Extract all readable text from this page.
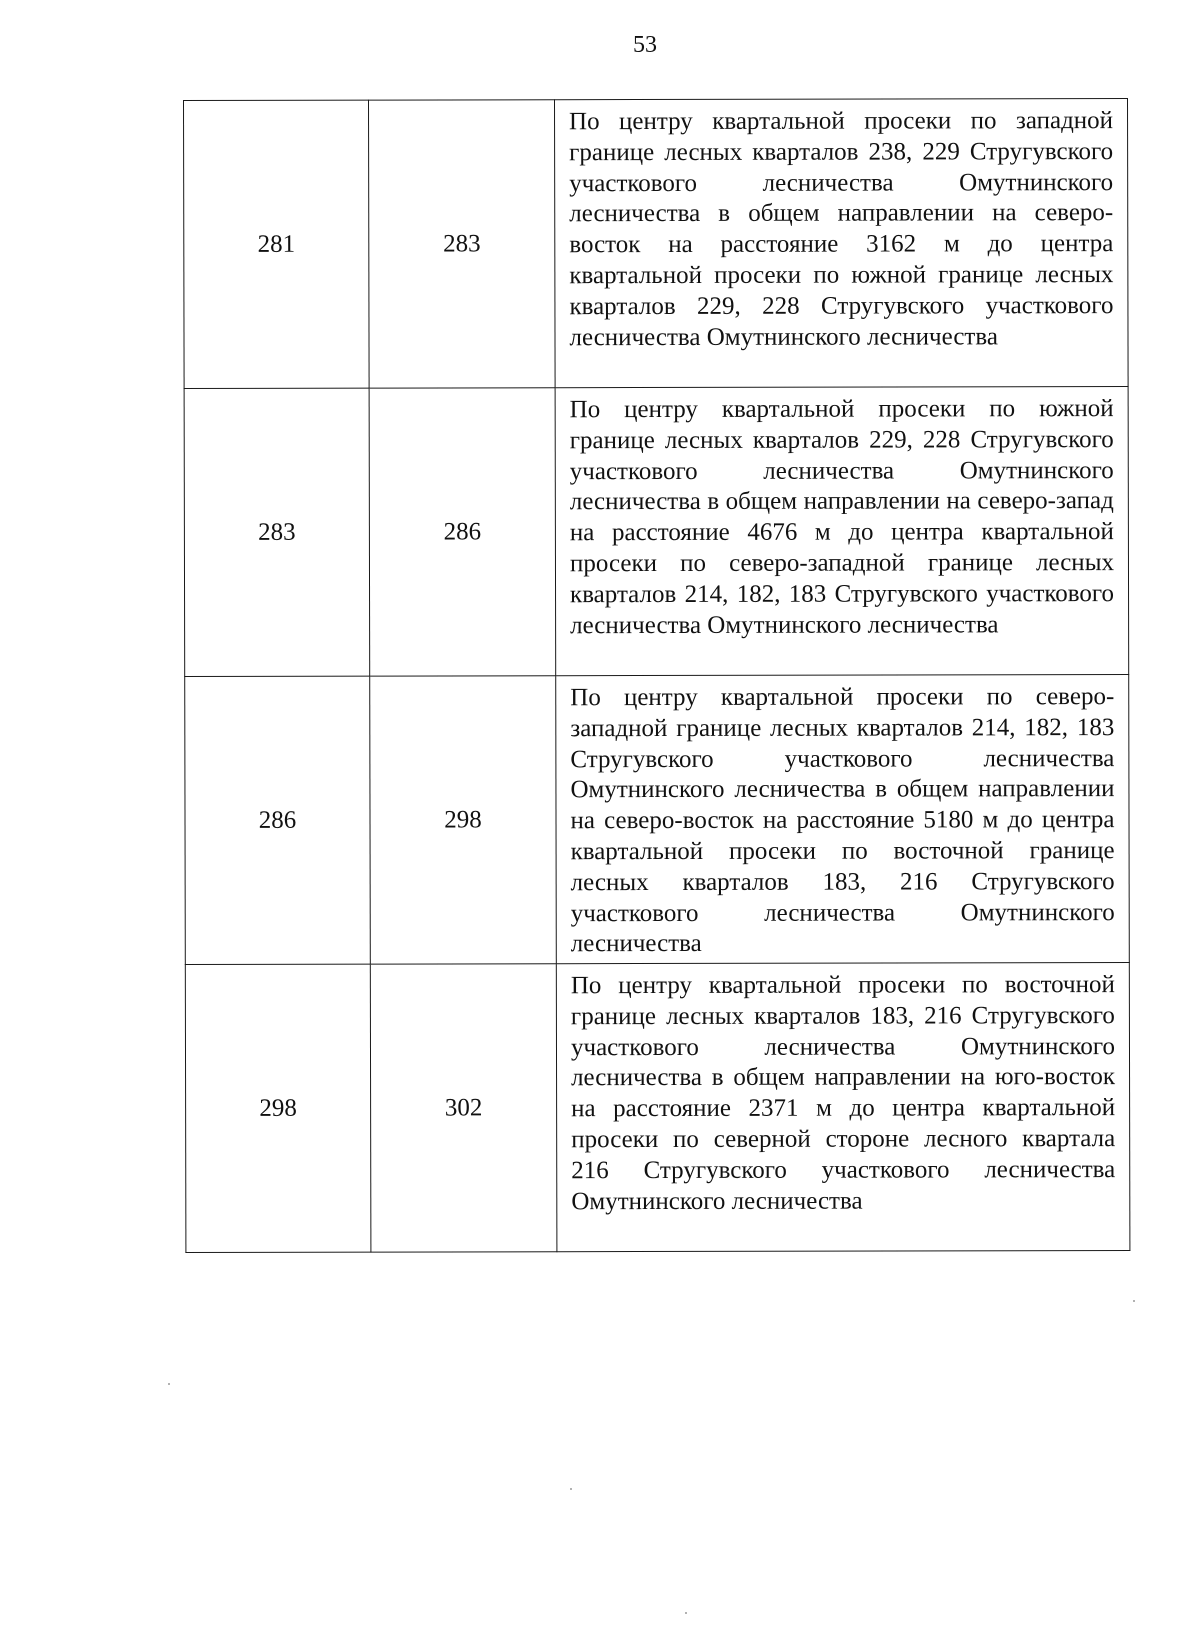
53
281	283	По центру квартальной просеки по западной границе лесных кварталов 238, 229 Стругувского участкового лесничества Омутнинского лесничества в общем направлении на северо-восток на расстояние 3162 м до центра квартальной просеки по южной границе лесных кварталов 229, 228 Стругувского участкового лесничества Омутнинского лесничества
283	286	По центру квартальной просеки по южной границе лесных кварталов 229, 228 Стругувского участкового лесничества Омутнинского лесничества в общем направлении на северо-запад на расстояние 4676 м до центра квартальной просеки по северо-западной границе лесных кварталов 214, 182, 183 Стругувского участкового лесничества Омутнинского лесничества
286	298	По центру квартальной просеки по северо-западной границе лесных кварталов 214, 182, 183 Стругувского участкового лесничества Омутнинского лесничества в общем направлении на северо-восток на расстояние 5180 м до центра квартальной просеки по восточной границе лесных кварталов 183, 216 Стругувского участкового лесничества Омутнинского лесничества
298	302	По центру квартальной просеки по восточной границе лесных кварталов 183, 216 Стругувского участкового лесничества Омутнинского лесничества в общем направлении на юго-восток на расстояние 2371 м до центра квартальной просеки по северной стороне лесного квартала 216 Стругувского участкового лесничества Омутнинского лесничества
